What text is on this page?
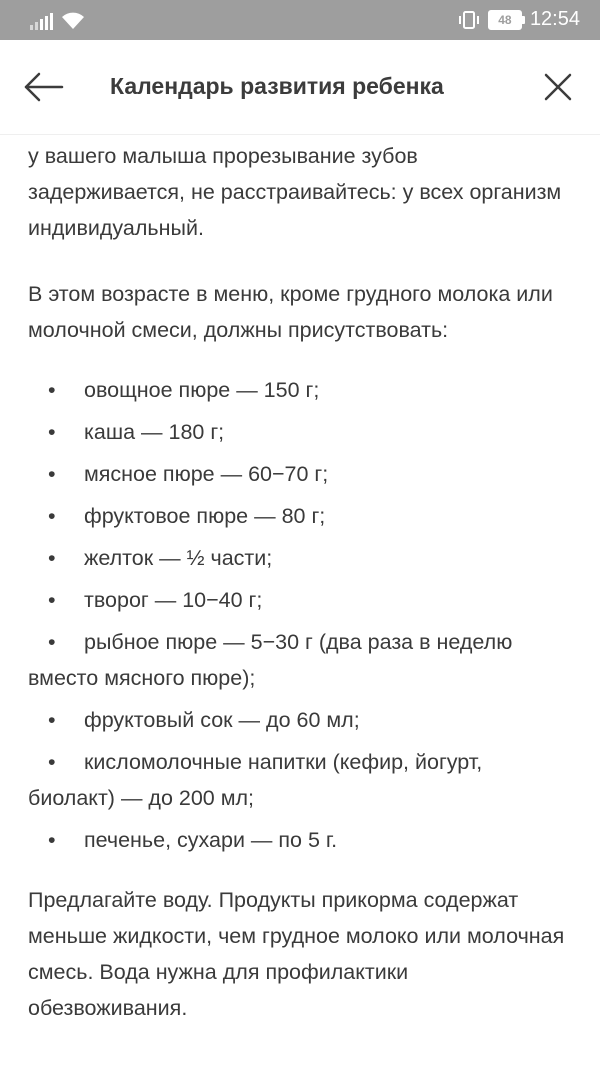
48 12:54
Календарь развития ребенка

у вашего малыша прорезывание зубов задерживается, не расстраивайтесь: у всех организм индивидуальный.

В этом возрасте в меню, кроме грудного молока или молочной смеси, должны присутствовать:

• овощное пюре — 150 г;
• каша — 180 г;
• мясное пюре — 60−70 г;
• фруктовое пюре — 80 г;
• желток — ½ части;
• творог — 10−40 г;
• рыбное пюре — 5−30 г (два раза в неделю вместо мясного пюре);
• фруктовый сок — до 60 мл;
• кисломолочные напитки (кефир, йогурт, биолакт) — до 200 мл;
• печенье, сухари — по 5 г.

Предлагайте воду. Продукты прикорма содержат меньше жидкости, чем грудное молоко или молочная смесь. Вода нужна для профилактики обезвоживания.
